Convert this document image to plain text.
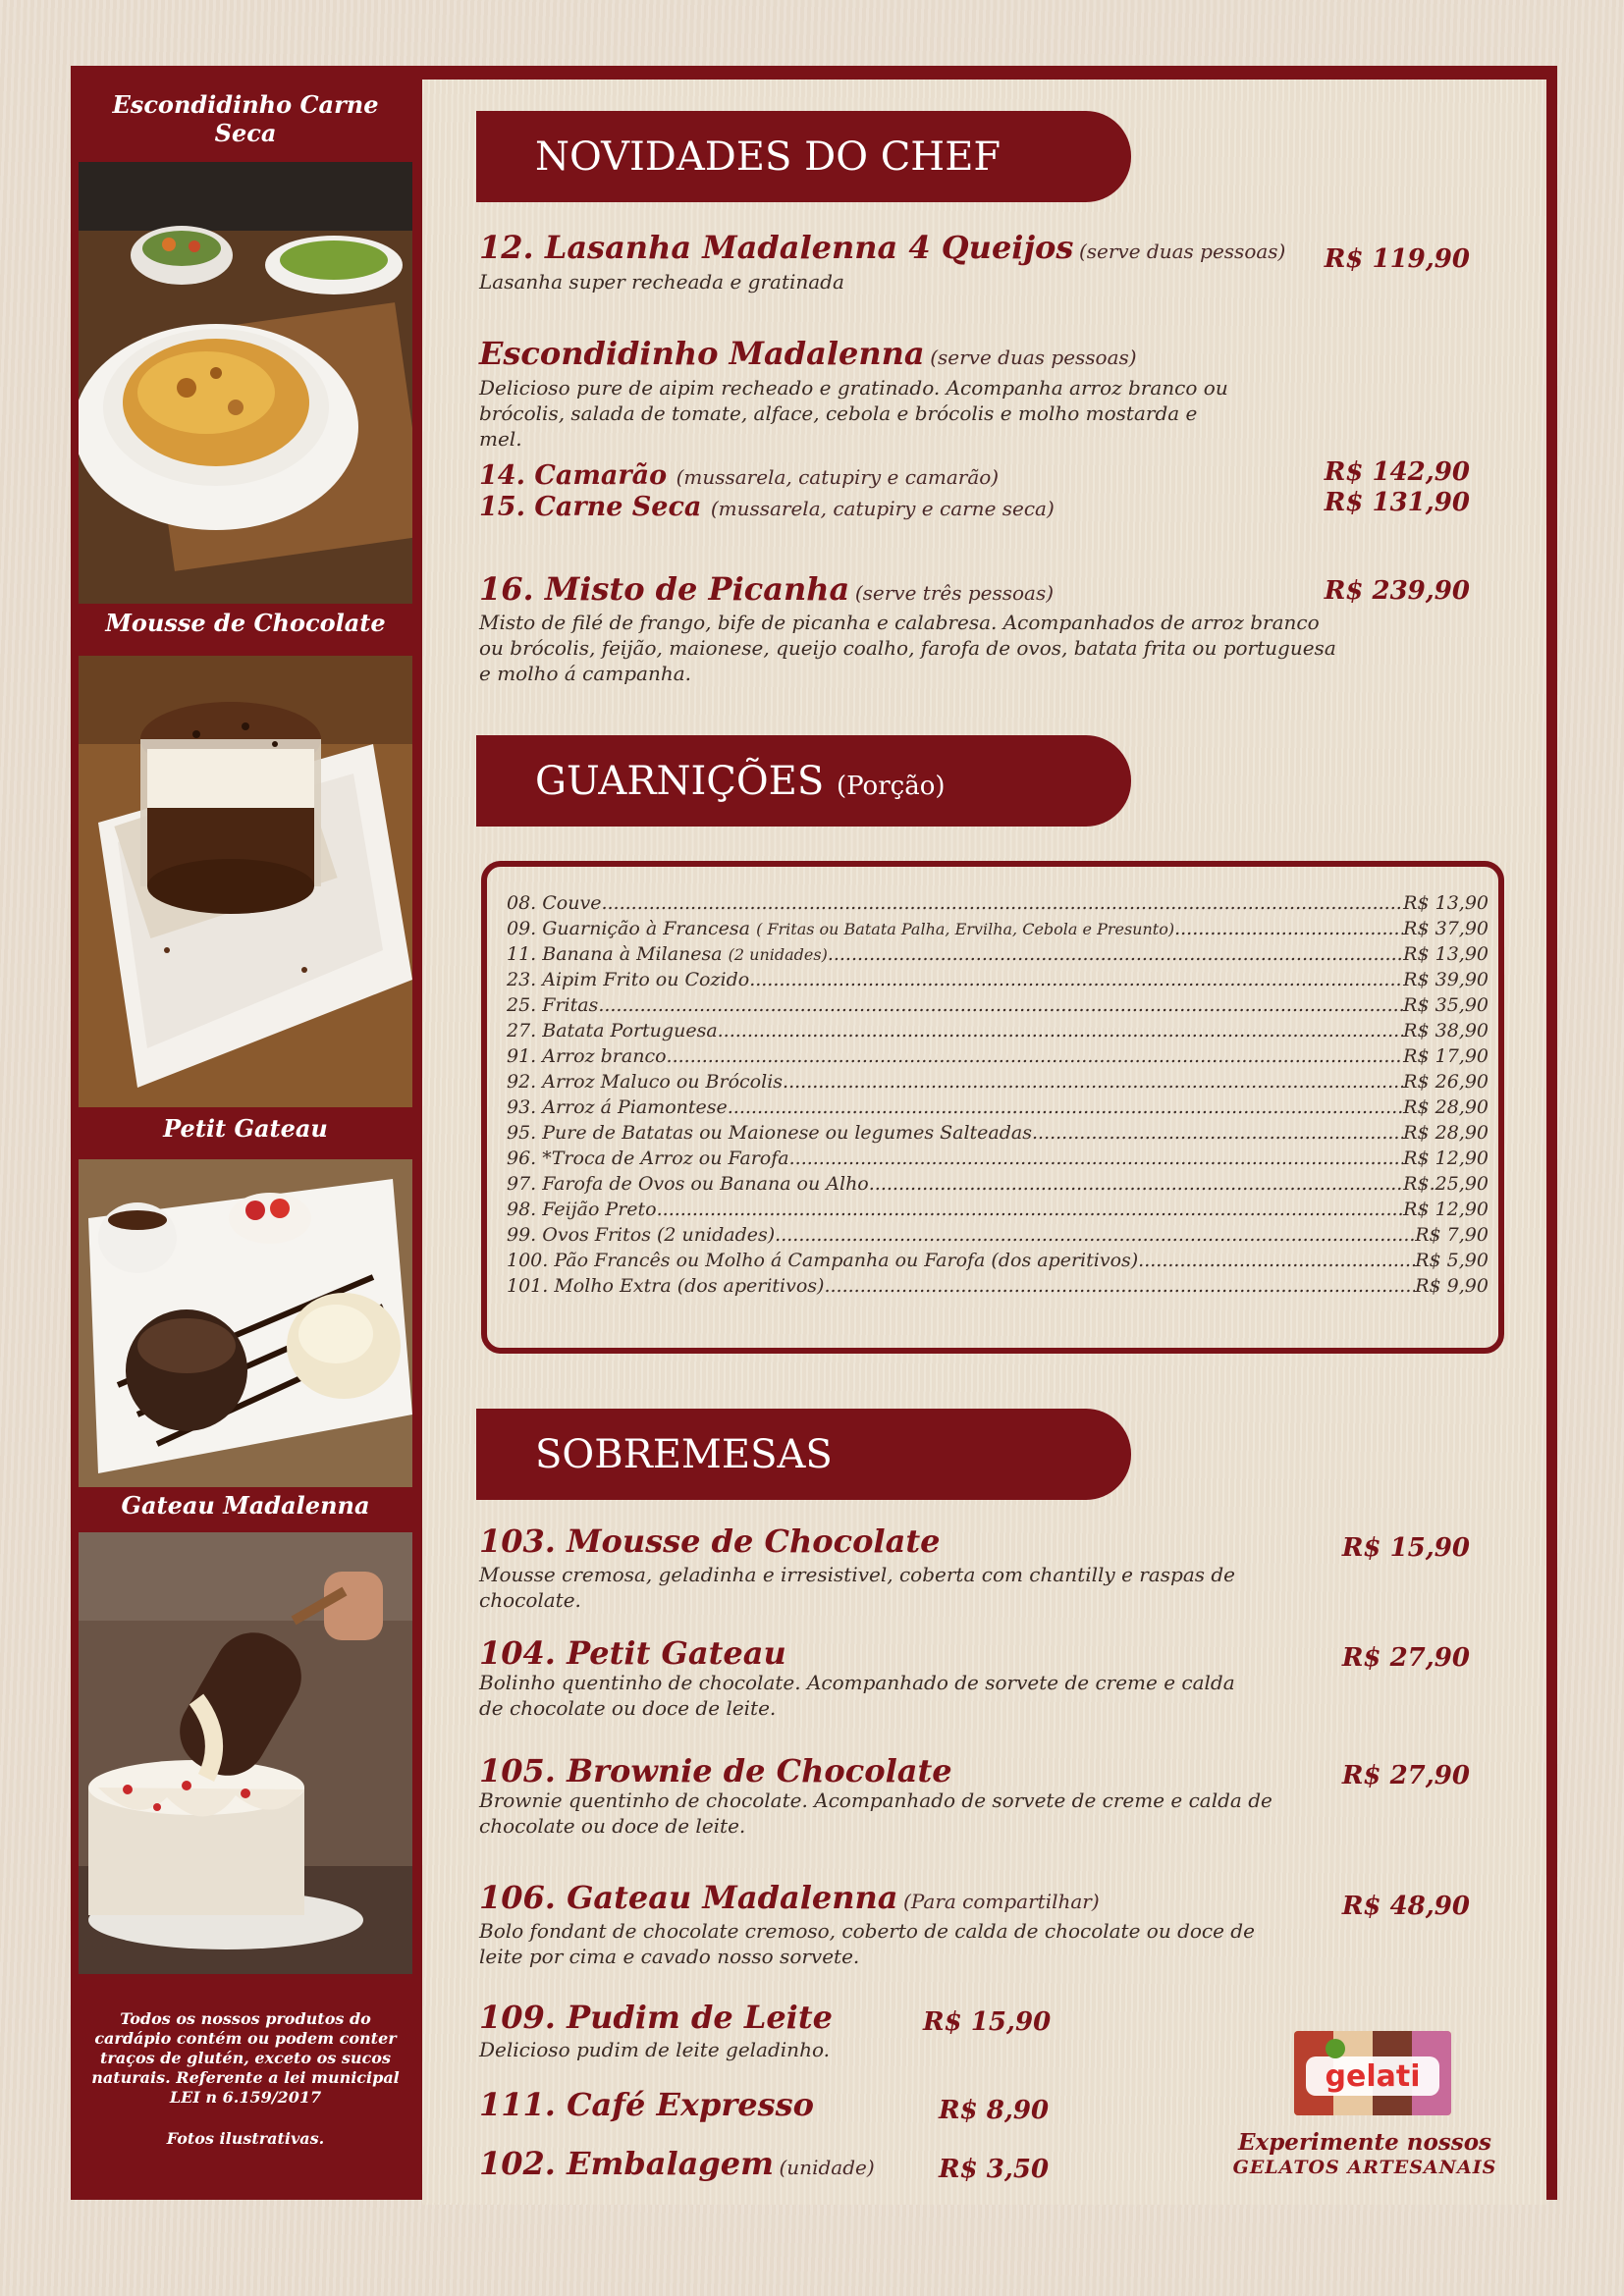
Escondidinho Carne Seca
Mousse de Chocolate
Petit Gateau
Gateau Madalenna
Todos os nossos produtos do cardápio contém ou podem conter traços de glutén, exceto os sucos naturais. Referente a lei municipal LEI n 6.159/2017
Fotos ilustrativas.
NOVIDADES DO CHEF
12. Lasanha Madalenna 4 Queijos (serve duas pessoas)
Lasanha super recheada e gratinada
R$ 119,90
Escondidinho Madalenna (serve duas pessoas)
Delicioso pure de aipim recheado e gratinado. Acompanha arroz branco ou brócolis, salada de tomate, alface, cebola e brócolis e molho mostarda e mel.
14. Camarão (mussarela, catupiry e camarão)	R$ 142,90
15. Carne Seca (mussarela, catupiry e carne seca)	R$ 131,90
16. Misto de Picanha (serve três pessoas)
Misto de filé de frango, bife de picanha e calabresa. Acompanhados de arroz branco ou brócolis, feijão, maionese, queijo coalho, farofa de ovos, batata frita ou portuguesa e molho á campanha.
R$ 239,90
GUARNIÇÕES (Porção)
08. Couve .....	R$ 13,90
09. Guarnição à Francesa
( Fritas ou Batata Palha, Ervilha, Cebola e Presunto) .....	R$ 37,90
11. Banana à Milanesa
(2 unidades) .....	R$ 13,90
23. Aipim Frito ou Cozido .....	R$ 39,90
25. Fritas .....	R$ 35,90
27. Batata Portuguesa .....	R$ 38,90
91. Arroz branco .....	R$ 17,90
92. Arroz Maluco ou Brócolis .....	R$ 26,90
93. Arroz á Piamontese .....	R$ 28,90
95. Pure de Batatas ou Maionese ou legumes Salteadas .....	R$ 28,90
96. *Troca de Arroz ou Farofa .....	R$ 12,90
97. Farofa de Ovos ou Banana ou Alho .....	R$.25,90
98. Feijão Preto .....	R$ 12,90
99. Ovos Fritos (2 unidades) .....	R$ 7,90
100. Pão Francês ou Molho á Campanha ou Farofa (dos aperitivos) .....	R$ 5,90
101. Molho Extra (dos aperitivos) .....	R$ 9,90
SOBREMESAS
103. Mousse de Chocolate
Mousse cremosa, geladinha e irresistivel, coberta com chantilly e raspas de chocolate.
R$ 15,90
104. Petit Gateau
Bolinho quentinho de chocolate. Acompanhado de sorvete de creme e calda de chocolate ou doce de leite.
R$ 27,90
105. Brownie de Chocolate
Brownie quentinho de chocolate. Acompanhado de sorvete de creme e calda de chocolate ou doce de leite.
R$ 27,90
106. Gateau Madalenna (Para compartilhar)
Bolo fondant de chocolate cremoso, coberto de calda de chocolate ou doce de leite por cima e cavado nosso sorvete.
R$ 48,90
109. Pudim de Leite
Delicioso pudim de leite geladinho.
R$ 15,90
111. Café Expresso	R$ 8,90
102. Embalagem (unidade)	R$ 3,50
gelati
Experimente nossos
GELATOS ARTESANAIS
